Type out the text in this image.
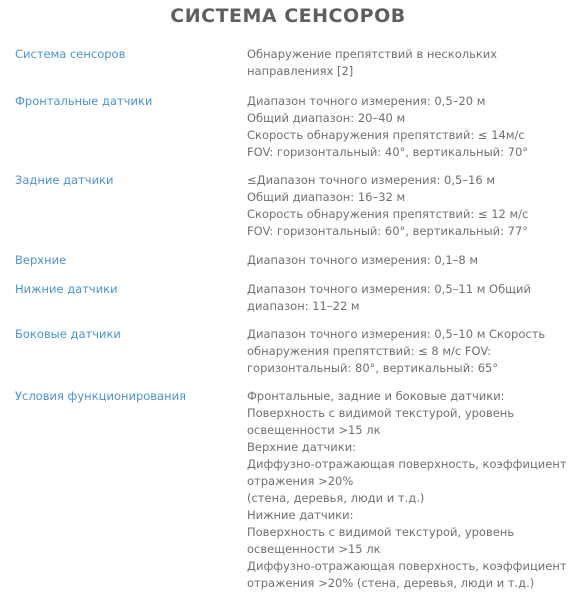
СИСТЕМА СЕНСОРОВ
Система сенсоров	Обнаружение препятствий в нескольких
направлениях [2]
Фронтальные датчики	Диапазон точного измерения: 0,5–20 м
Общий диапазон: 20–40 м
Скорость обнаружения препятствий: ≤ 14м/с
FOV: горизонтальный: 40°, вертикальный: 70°
Задние датчики	≤Диапазон точного измерения: 0,5–16 м
Общий диапазон: 16–32 м
Скорость обнаружения препятствий: ≤ 12 м/с
FOV: горизонтальный: 60°, вертикальный: 77°
Верхние	Диапазон точного измерения: 0,1–8 м
Нижние датчики	Диапазон точного измерения: 0,5–11 м Общий
диапазон: 11–22 м
Боковые датчики	Диапазон точного измерения: 0,5–10 м Скорость
обнаружения препятствий: ≤ 8 м/с FOV:
горизонтальный: 80°, вертикальный: 65°
Условия функционирования	Фронтальные, задние и боковые датчики:
Поверхность с видимой текстурой, уровень
освещенности >15 лк
Верхние датчики:
Диффузно-отражающая поверхность, коэффициент
отражения >20%
(стена, деревья, люди и т.д.)
Нижние датчики:
Поверхность с видимой текстурой, уровень
освещенности >15 лк
Диффузно-отражающая поверхность, коэффициент
отражения >20% (стена, деревья, люди и т.д.)
